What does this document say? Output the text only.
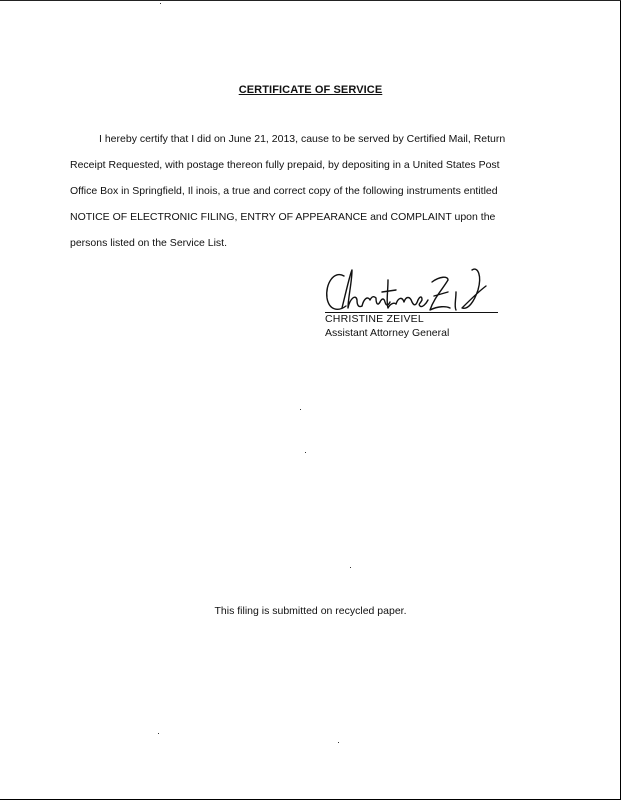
CERTIFICATE OF SERVICE
I hereby certify that I did on June 21, 2013, cause to be served by Certified Mail, Return
Receipt Requested, with postage thereon fully prepaid, by depositing in a United States Post
Office Box in Springfield, Il inois, a true and correct copy of the following instruments entitled
NOTICE OF ELECTRONIC FILING, ENTRY OF APPEARANCE and COMPLAINT upon the
persons listed on the Service List.
CHRISTINE ZEIVEL
Assistant Attorney General
This filing is submitted on recycled paper.
